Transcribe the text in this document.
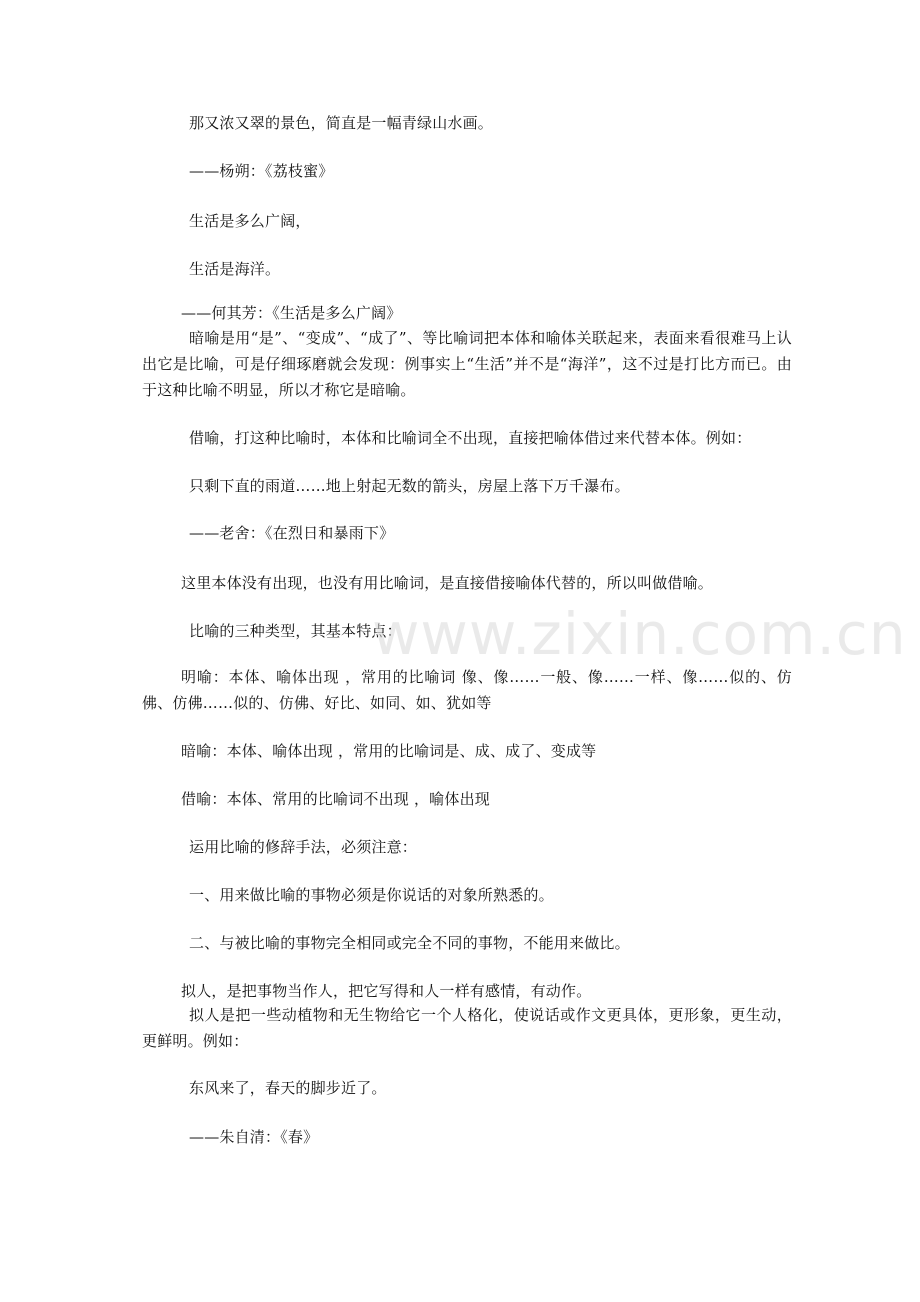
那又浓又翠的景色，简直是一幅青绿山水画。
——杨朔：《荔枝蜜》
生活是多么广阔，
生活是海洋。
——何其芳：《生活是多么广阔》
暗喻是用“是”、“变成”、“成了”、等比喻词把本体和喻体关联起来，表面来看很难马上认出它是比喻，可是仔细琢磨就会发现：例事实上“生活”并不是“海洋”，这不过是打比方而已。由于这种比喻不明显，所以才称它是暗喻。
借喻，打这种比喻时，本体和比喻词全不出现，直接把喻体借过来代替本体。例如：
只剩下直的雨道……地上射起无数的箭头，房屋上落下万千瀑布。
——老舍：《在烈日和暴雨下》
这里本体没有出现，也没有用比喻词，是直接借接喻体代替的，所以叫做借喻。
比喻的三种类型，其基本特点：
明喻：本体、喻体出现 ，常用的比喻词 像、像……一般、像……一样、像……似的、仿佛、仿佛……似的、仿佛、好比、如同、如、犹如等
暗喻：本体、喻体出现 ，常用的比喻词是、成、成了、变成等
借喻：本体、常用的比喻词不出现 ，喻体出现
运用比喻的修辞手法，必须注意：
一、用来做比喻的事物必须是你说话的对象所熟悉的。
二、与被比喻的事物完全相同或完全不同的事物，不能用来做比。
拟人，是把事物当作人，把它写得和人一样有感情，有动作。
拟人是把一些动植物和无生物给它一个人格化，使说话或作文更具体，更形象，更生动，更鲜明。例如：
东风来了，春天的脚步近了。
——朱自清：《春》
www.zixin.com.cn
